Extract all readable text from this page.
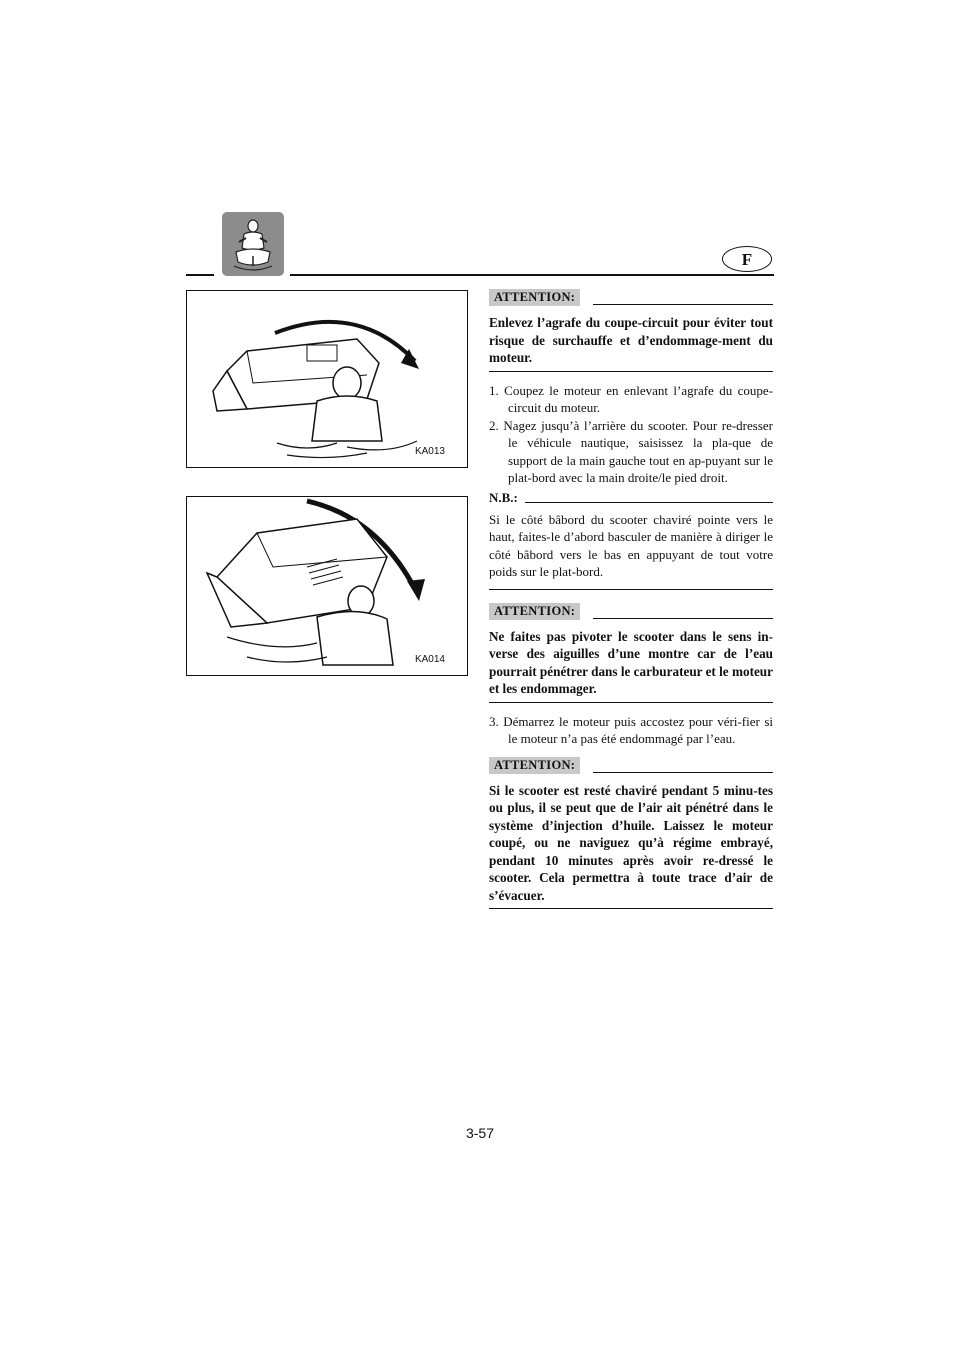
F
KA013
KA014
ATTENTION:

Enlevez l’agrafe du coupe-circuit pour éviter tout risque de surchauffe et d’endommage-ment du moteur.

1. Coupez le moteur en enlevant l’agrafe du coupe-circuit du moteur.
2. Nagez jusqu’à l’arrière du scooter. Pour re-dresser le véhicule nautique, saisissez la pla-que de support de la main gauche tout en ap-puyant sur le plat-bord avec la main droite/le pied droit.
N.B.:

Si le côté bâbord du scooter chaviré pointe vers le haut, faites-le d’abord basculer de manière à diriger le côté bâbord vers le bas en appuyant de tout votre poids sur le plat-bord.

ATTENTION:

Ne faites pas pivoter le scooter dans le sens in-verse des aiguilles d’une montre car de l’eau pourrait pénétrer dans le carburateur et le moteur et les endommager.

3. Démarrez le moteur puis accostez pour véri-fier si le moteur n’a pas été endommagé par l’eau.
ATTENTION:

Si le scooter est resté chaviré pendant 5 minu-tes ou plus, il se peut que de l’air ait pénétré dans le système d’injection d’huile. Laissez le moteur coupé, ou ne naviguez qu’à régime embrayé, pendant 10 minutes après avoir re-dressé le scooter. Cela permettra à toute trace d’air de s’évacuer.

3-57
